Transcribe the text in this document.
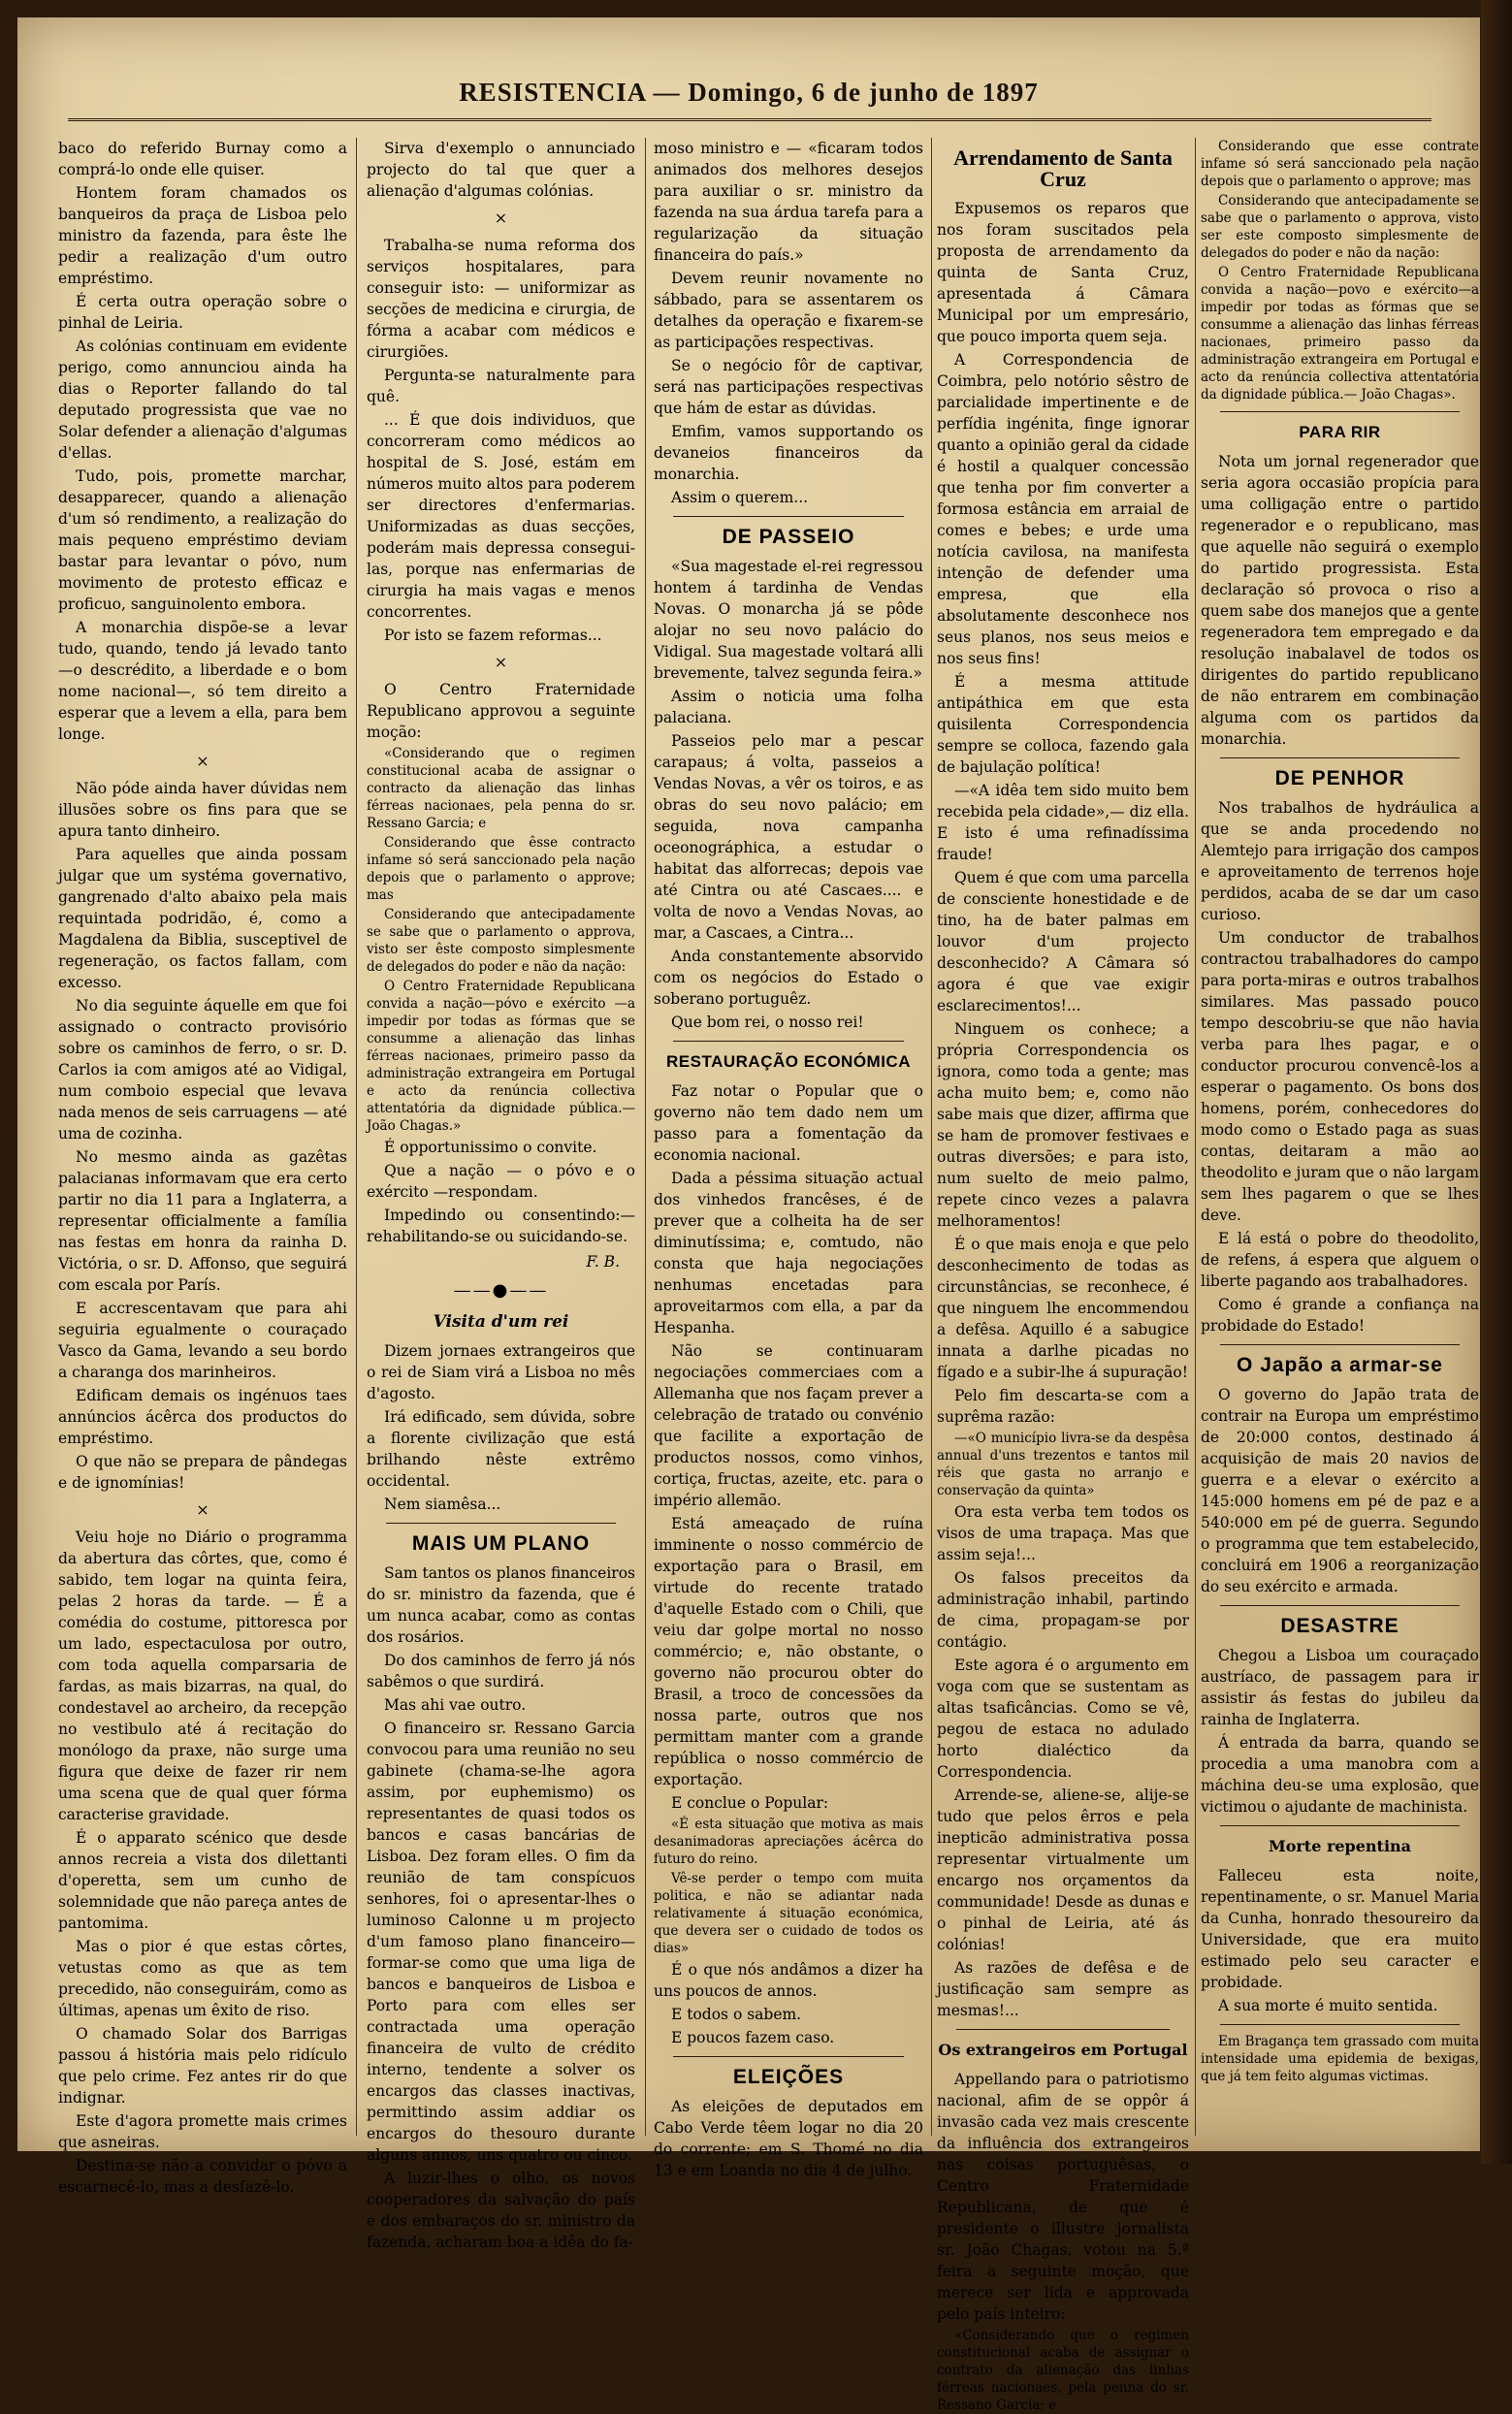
RESISTENCIA — Domingo, 6 de junho de 1897

baco do referido Burnay como a comprá-lo onde elle quiser.

Hontem foram chamados os banqueiros da praça de Lisboa pelo ministro da fazenda, para êste lhe pedir a realização d'um outro empréstimo.

É certa outra operação sobre o pinhal de Leiria.

As colónias continuam em evidente perigo, como annunciou ainda ha dias o Reporter fallando do tal deputado progressista que vae no Solar defender a alienação d'algumas d'ellas.

Tudo, pois, promette marchar, desapparecer, quando a alienação d'um só rendimento, a realização do mais pequeno empréstimo deviam bastar para levantar o póvo, num movimento de protesto efficaz e proficuo, sanguinolento embora.

A monarchia dispõe-se a levar tudo, quando, tendo já levado tanto —o descrédito, a liberdade e o bom nome nacional—, só tem direito a esperar que a levem a ella, para bem longe.

×

Não póde ainda haver dúvidas nem illusões sobre os fins para que se apura tanto dinheiro.

Para aquelles que ainda possam julgar que um systéma governativo, gangrenado d'alto abaixo pela mais requintada podridão, é, como a Magdalena da Biblia, susceptivel de regeneração, os factos fallam, com excesso.

No dia seguinte áquelle em que foi assignado o contracto provisório sobre os caminhos de ferro, o sr. D. Carlos ia com amigos até ao Vidigal, num comboio especial que levava nada menos de seis carruagens — até uma de cozinha.

No mesmo ainda as gazêtas palacianas informavam que era certo partir no dia 11 para a Inglaterra, a representar officialmente a família nas festas em honra da rainha D. Victória, o sr. D. Affonso, que seguirá com escala por París.

E accrescentavam que para ahi seguiria egualmente o couraçado Vasco da Gama, levando a seu bordo a charanga dos marinheiros.

Edificam demais os ingénuos taes annúncios ácêrca dos productos do empréstimo.

O que não se prepara de pândegas e de ignomínias!

×

Veiu hoje no Diário o programma da abertura das côrtes, que, como é sabido, tem logar na quinta feira, pelas 2 horas da tarde. — É a comédia do costume, pittoresca por um lado, espectaculosa por outro, com toda aquella comparsaria de fardas, as mais bizarras, na qual, do condestavel ao archeiro, da recepção no vestibulo até á recitação do monólogo da praxe, não surge uma figura que deixe de fazer rir nem uma scena que de qual quer fórma caracterise gravidade.

É o apparato scénico que desde annos recreia a vista dos dilettanti d'operetta, sem um cunho de solemnidade que não pareça antes de pantomima.

Mas o pior é que estas côrtes, vetustas como as que as tem precedido, não conseguirám, como as últimas, apenas um êxito de riso.

O chamado Solar dos Barrigas passou á história mais pelo ridículo que pelo crime. Fez antes rir do que indignar.

Este d'agora promette mais crimes que asneiras.

Destina-se não a convidar o póvo a escarnecê-lo, mas a desfazê-lo.

Sirva d'exemplo o annunciado projecto do tal que quer a alienação d'algumas colónias.

×

Trabalha-se numa reforma dos serviços hospitalares, para conseguir isto: — uniformizar as secções de medicina e cirurgia, de fórma a acabar com médicos e cirurgiões.

Pergunta-se naturalmente para quê.

... É que dois individuos, que concorreram como médicos ao hospital de S. José, estám em números muito altos para poderem ser directores d'enfermarias. Uniformizadas as duas secções, poderám mais depressa consegui-las, porque nas enfermarias de cirurgia ha mais vagas e menos concorrentes.

Por isto se fazem reformas...

×

O Centro Fraternidade Republicano approvou a seguinte moção:

«Considerando que o regimen constitucional acaba de assignar o contracto da alienação das linhas férreas nacionaes, pela penna do sr. Ressano Garcia; e

Considerando que êsse contracto infame só será sanccionado pela nação depois que o parlamento o approve; mas

Considerando que antecipadamente se sabe que o parlamento o approva, visto ser êste composto simplesmente de delegados do poder e não da nação:

O Centro Fraternidade Republicana convida a nação—póvo e exército —a impedir por todas as fórmas que se consumme a alienação das linhas férreas nacionaes, primeiro passo da administração extrangeira em Portugal e acto da renúncia collectiva attentatória da dignidade pública.— João Chagas.»

É opportunissimo o convite.

Que a nação — o póvo e o exército —respondam.

Impedindo ou consentindo:— rehabilitando-se ou suicidando-se.

F. B.
——●——
Visita d'um rei

Dizem jornaes extrangeiros que o rei de Siam virá a Lisboa no mês d'agosto.

Irá edificado, sem dúvida, sobre a florente civilização que está brilhando nêste extrêmo occidental.

Nem siamêsa...

MAIS UM PLANO

Sam tantos os planos financeiros do sr. ministro da fazenda, que é um nunca acabar, como as contas dos rosários.

Do dos caminhos de ferro já nós sabêmos o que surdirá.

Mas ahi vae outro.

O financeiro sr. Ressano Garcia convocou para uma reunião no seu gabinete (chama-se-lhe agora assim, por euphemismo) os representantes de quasi todos os bancos e casas bancárias de Lisboa. Dez foram elles. O fim da reunião de tam conspícuos senhores, foi o apresentar-lhes o luminoso Calonne u m projecto d'um famoso plano financeiro—formar-se como que uma liga de bancos e banqueiros de Lisboa e Porto para com elles ser contractada uma operação financeira de vulto de crédito interno, tendente a solver os encargos das classes inactivas, permittindo assim addiar os encargos do thesouro durante alguns annos, uns quatro ou cinco.

A luzir-lhes o olho, os novos cooperadores da salvação do país e dos embaraços do sr. ministro da fazenda, acharam boa a idêa do fa-

moso ministro e — «ficaram todos animados dos melhores desejos para auxiliar o sr. ministro da fazenda na sua árdua tarefa para a regularização da situação financeira do país.»

Devem reunir novamente no sábbado, para se assentarem os detalhes da operação e fixarem-se as participações respectivas.

Se o negócio fôr de captivar, será nas participações respectivas que hám de estar as dúvidas.

Emfim, vamos supportando os devaneios financeiros da monarchia.

Assim o querem...

DE PASSEIO

«Sua magestade el-rei regressou hontem á tardinha de Vendas Novas. O monarcha já se pôde alojar no seu novo palácio do Vidigal. Sua magestade voltará alli brevemente, talvez segunda feira.»

Assim o noticia uma folha palaciana.

Passeios pelo mar a pescar carapaus; á volta, passeios a Vendas Novas, a vêr os toiros, e as obras do seu novo palácio; em seguida, nova campanha oceonográphica, a estudar o habitat das alforrecas; depois vae até Cintra ou até Cascaes.... e volta de novo a Vendas Novas, ao mar, a Cascaes, a Cintra...

Anda constantemente absorvido com os negócios do Estado o soberano portuguêz.

Que bom rei, o nosso rei!

RESTAURAÇÃO ECONÓMICA

Faz notar o Popular que o governo não tem dado nem um passo para a fomentação da economia nacional.

Dada a péssima situação actual dos vinhedos francêses, é de prever que a colheita ha de ser diminutíssima; e, comtudo, não consta que haja negociações nenhumas encetadas para aproveitarmos com ella, a par da Hespanha.

Não se continuaram negociações commerciaes com a Allemanha que nos façam prever a celebração de tratado ou convénio que facilite a exportação de productos nossos, como vinhos, cortiça, fructas, azeite, etc. para o império allemão.

Está ameaçado de ruína imminente o nosso commércio de exportação para o Brasil, em virtude do recente tratado d'aquelle Estado com o Chili, que veiu dar golpe mortal no nosso commércio; e, não obstante, o governo não procurou obter do Brasil, a troco de concessões da nossa parte, outros que nos permittam manter com a grande república o nosso commércio de exportação.

E conclue o Popular:

«É esta situação que motiva as mais desanimadoras apreciações ácêrca do futuro do reino.

Vê-se perder o tempo com muita politica, e não se adiantar nada relativamente á situação económica, que devera ser o cuidado de todos os dias»

É o que nós andâmos a dizer ha uns poucos de annos.

E todos o sabem.

E poucos fazem caso.

ELEIÇÕES

As eleições de deputados em Cabo Verde têem logar no dia 20 do corrente; em S. Thomé no dia 13 e em Loanda no dia 4 de julho.

Arrendamento de Santa Cruz

Expusemos os reparos que nos foram suscitados pela proposta de arrendamento da quinta de Santa Cruz, apresentada á Câmara Municipal por um empresário, que pouco importa quem seja.

A Correspondencia de Coimbra, pelo notório sêstro de parcialidade impertinente e de perfídia ingénita, finge ignorar quanto a opinião geral da cidade é hostil a qualquer concessão que tenha por fim converter a formosa estância em arraial de comes e bebes; e urde uma notícia cavilosa, na manifesta intenção de defender uma empresa, que ella absolutamente desconhece nos seus planos, nos seus meios e nos seus fins!

É a mesma attitude antipáthica em que esta quisilenta Correspondencia sempre se colloca, fazendo gala de bajulação política!

—«A idêa tem sido muito bem recebida pela cidade»,— diz ella. E isto é uma refinadíssima fraude!

Quem é que com uma parcella de consciente honestidade e de tino, ha de bater palmas em louvor d'um projecto desconhecido? A Câmara só agora é que vae exigir esclarecimentos!...

Ninguem os conhece; a própria Correspondencia os ignora, como toda a gente; mas acha muito bem; e, como não sabe mais que dizer, affirma que se ham de promover festivaes e outras diversões; e para isto, num suelto de meio palmo, repete cinco vezes a palavra melhoramentos!

É o que mais enoja e que pelo desconhecimento de todas as circunstâncias, se reconhece, é que ninguem lhe encommendou a defêsa. Aquillo é a sabugice innata a darlhe picadas no fígado e a subir-lhe á supuração!

Pelo fim descarta-se com a suprêma razão:

—«O município livra-se da despêsa annual d'uns trezentos e tantos mil réis que gasta no arranjo e conservação da quinta»

Ora esta verba tem todos os visos de uma trapaça. Mas que assim seja!...

Os falsos preceitos da administração inhabil, partindo de cima, propagam-se por contágio.

Este agora é o argumento em voga com que se sustentam as altas tsaficâncias. Como se vê, pegou de estaca no adulado horto dialéctico da Correspondencia.

Arrende-se, aliene-se, alije-se tudo que pelos êrros e pela inepticão administrativa possa representar virtualmente um encargo nos orçamentos da communidade! Desde as dunas e o pinhal de Leiria, até ás colónias!

As razões de defêsa e de justificação sam sempre as mesmas!...

Os extrangeiros em Portugal

Appellando para o patriotismo nacional, afim de se oppôr á invasão cada vez mais crescente da influência dos extrangeiros nas coisas portuguêsas, o Centro Fraternidade Republicana, de que é presidente o illustre jornalista sr. João Chagas, votou na 5.ª feira a seguinte moção, que merece ser lida e approvada pelo país inteiro:

«Considerando que o regimen constitucional acaba de assignar o contrato da alienação das linhas férreas nacionaes, pela penna do sr. Ressano Garcia; e

Considerando que esse contrate infame só será sanccionado pela nação depois que o parlamento o approve; mas

Considerando que antecipadamente se sabe que o parlamento o approva, visto ser este composto simplesmente de delegados do poder e não da nação:

O Centro Fraternidade Republicana convida a nação—povo e exército—a impedir por todas as fórmas que se consumme a alienação das linhas férreas nacionaes, primeiro passo da administração extrangeira em Portugal e acto da renúncia collectiva attentatória da dignidade pública.— João Chagas».

PARA RIR

Nota um jornal regenerador que seria agora occasião propícia para uma colligação entre o partido regenerador e o republicano, mas que aquelle não seguirá o exemplo do partido progressista. Esta declaração só provoca o riso a quem sabe dos manejos que a gente regeneradora tem empregado e da resolução inabalavel de todos os dirigentes do partido republicano de não entrarem em combinação alguma com os partidos da monarchia.

DE PENHOR

Nos trabalhos de hydráulica a que se anda procedendo no Alemtejo para irrigação dos campos e aproveitamento de terrenos hoje perdidos, acaba de se dar um caso curioso.

Um conductor de trabalhos contractou trabalhadores do campo para porta-miras e outros trabalhos similares. Mas passado pouco tempo descobriu-se que não havia verba para lhes pagar, e o conductor procurou convencê-los a esperar o pagamento. Os bons dos homens, porém, conhecedores do modo como o Estado paga as suas contas, deitaram a mão ao theodolito e juram que o não largam sem lhes pagarem o que se lhes deve.

E lá está o pobre do theodolito, de refens, á espera que alguem o liberte pagando aos trabalhadores.

Como é grande a confiança na probidade do Estado!

O Japão a armar-se

O governo do Japão trata de contrair na Europa um empréstimo de 20:000 contos, destinado á acquisição de mais 20 navios de guerra e a elevar o exército a 145:000 homens em pé de paz e a 540:000 em pé de guerra. Segundo o programma que tem estabelecido, concluirá em 1906 a reorganização do seu exército e armada.

DESASTRE

Chegou a Lisboa um couraçado austríaco, de passagem para ir assistir ás festas do jubileu da rainha de Inglaterra.

Á entrada da barra, quando se procedia a uma manobra com a máchina deu-se uma explosão, que victimou o ajudante de machinista.

Morte repentina

Falleceu esta noite, repentinamente, o sr. Manuel Maria da Cunha, honrado thesoureiro da Universidade, que era muito estimado pelo seu caracter e probidade.

A sua morte é muito sentida.

Em Bragança tem grassado com muita intensidade uma epidemia de bexigas, que já tem feito algumas victimas.
